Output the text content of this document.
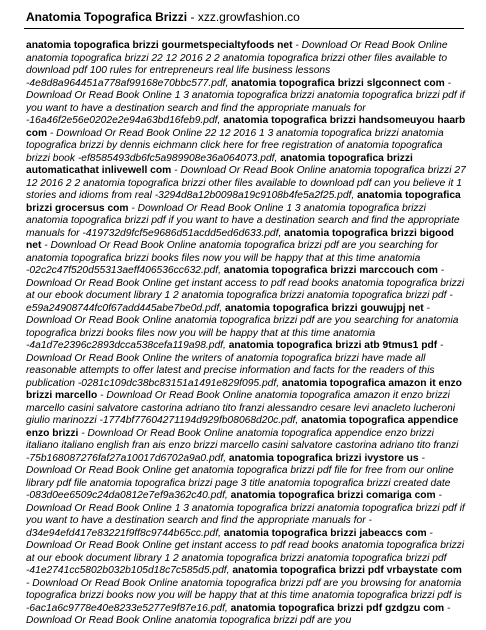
Anatomia Topografica Brizzi - xzz.growfashion.co
anatomia topografica brizzi gourmetspecialtyfoods net - Download Or Read Book Online anatomia topografica brizzi 22 12 2016 2 2 anatomia topografica brizzi other files available to download pdf 100 rules for entrepreneurs real life business lessons -4e8d8a964451a778af99168e70bbc577.pdf, anatomia topografica brizzi slgconnect com - Download Or Read Book Online 1 3 anatomia topografica brizzi anatomia topografica brizzi pdf if you want to have a destination search and find the appropriate manuals for -16a46f2e56e0202e2e94a63bd16feb9.pdf, anatomia topografica brizzi handsomeuyou haarb com - Download Or Read Book Online 22 12 2016 1 3 anatomia topografica brizzi anatomia topografica brizzi by dennis eichmann click here for free registration of anatomia topografica brizzi book -ef8585493db6fc5a989908e36a064073.pdf, anatomia topografica brizzi automaticathat inlivewell com - Download Or Read Book Online anatomia topografica brizzi 27 12 2016 2 2 anatomia topografica brizzi other files available to download pdf can you believe it 1 stories and idioms from real -3294d8a12b0098a19c9108b4fe5a2f25.pdf, anatomia topografica brizzi grocersus com - Download Or Read Book Online 1 3 anatomia topografica brizzi anatomia topografica brizzi pdf if you want to have a destination search and find the appropriate manuals for -419732d9fcf5e9686d51acdd5ed6d633.pdf, anatomia topografica brizzi bigood net - Download Or Read Book Online anatomia topografica brizzi pdf are you searching for anatomia topografica brizzi books files now you will be happy that at this time anatomia -02c2c47f520d55313aeff406536cc632.pdf, anatomia topografica brizzi marccouch com - Download Or Read Book Online get instant access to pdf read books anatomia topografica brizzi at our ebook document library 1 2 anatomia topografica brizzi anatomia topografica brizzi pdf -e59a24908744fc0f67add445abe7be0d.pdf, anatomia topografica brizzi gouwujpj net - Download Or Read Book Online anatomia topografica brizzi pdf are you searching for anatomia topografica brizzi books files now you will be happy that at this time anatomia -4a1d7e2396c2893dcca538cefa119a98.pdf, anatomia topografica brizzi atb 9tmus1 pdf - Download Or Read Book Online the writers of anatomia topografica brizzi have made all reasonable attempts to offer latest and precise information and facts for the readers of this publication -0281c109dc38bc83151a1491e829f095.pdf, anatomia topografica amazon it enzo brizzi marcello - Download Or Read Book Online anatomia topografica amazon it enzo brizzi marcello casini salvatore castorina adriano tito franzi alessandro cesare levi anacleto lucheroni giulio marinozzi -1774bf77604271194d929fb08068d20c.pdf, anatomia topografica appendice enzo brizzi - Download Or Read Book Online anatomia topografica appendice enzo brizzi italiano italiano english fran ais enzo brizzi marcello casini salvatore castorina adriano tito franzi -75b168087276faf27a10017d6702a9a0.pdf, anatomia topografica brizzi ivystore us - Download Or Read Book Online get anatomia topografica brizzi pdf file for free from our online library pdf file anatomia topografica brizzi page 3 title anatomia topografica brizzi created date -083d0ee6509c24da0812e7ef9a362c40.pdf, anatomia topografica brizzi comariga com - Download Or Read Book Online 1 3 anatomia topografica brizzi anatomia topografica brizzi pdf if you want to have a destination search and find the appropriate manuals for -d34e94efd417e83221f9ff8c9744b65cc.pdf, anatomia topografica brizzi jabeaccs com - Download Or Read Book Online get instant access to pdf read books anatomia topografica brizzi at our ebook document library 1 2 anatomia topografica brizzi anatomia topografica brizzi pdf -41e2741cc5802b032b105d18c7c585d5.pdf, anatomia topografica brizzi pdf vrbaystate com - Download Or Read Book Online anatomia topografica brizzi pdf are you browsing for anatomia topografica brizzi books now you will be happy that at this time anatomia topografica brizzi pdf is -6ac1a6c9778e40e8233e5277e9f87e16.pdf, anatomia topografica brizzi pdf gzdgzu com - Download Or Read Book Online anatomia topografica brizzi pdf are you
